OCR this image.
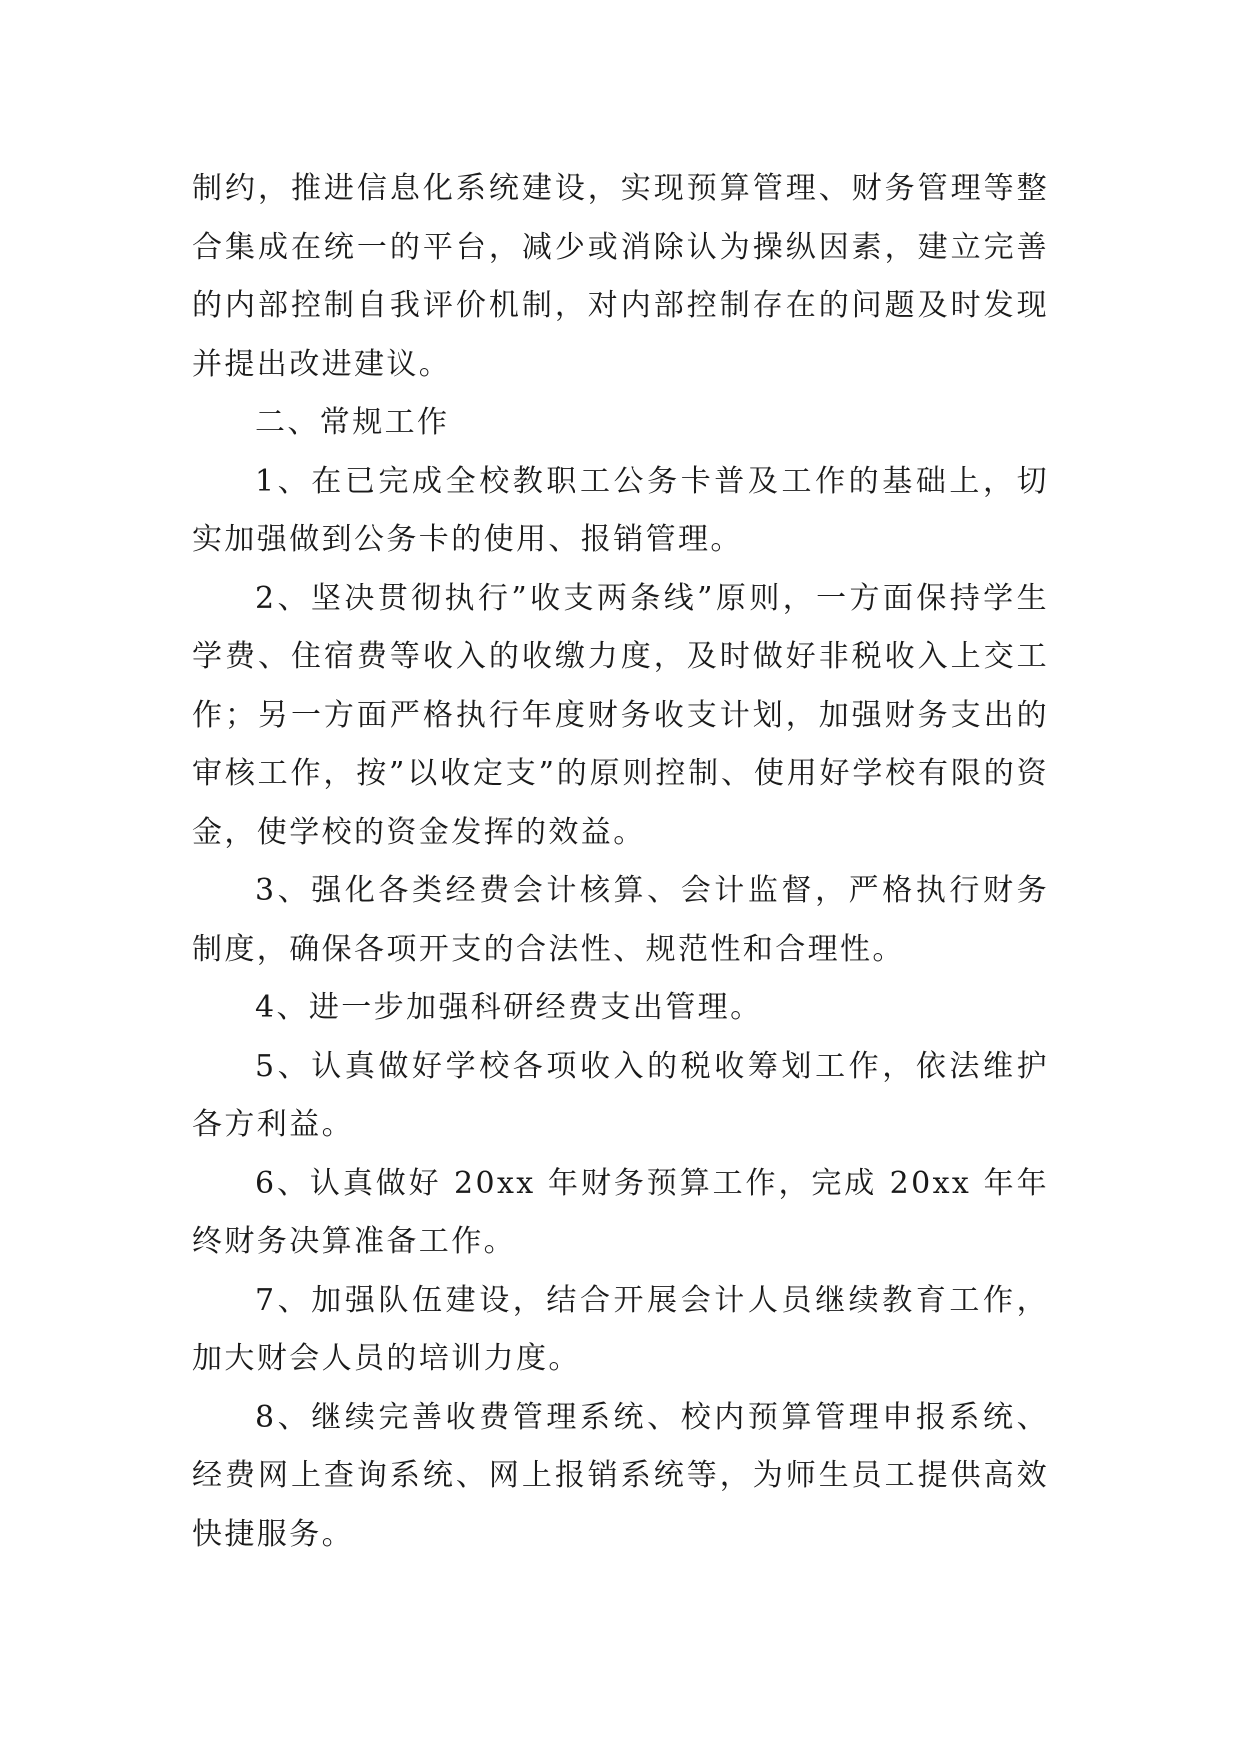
制约，推进信息化系统建设，实现预算管理、财务管理等整合集成在统一的平台，减少或消除认为操纵因素，建立完善的内部控制自我评价机制，对内部控制存在的问题及时发现并提出改进建议。

二、常规工作

1、在已完成全校教职工公务卡普及工作的基础上，切实加强做到公务卡的使用、报销管理。

2、坚决贯彻执行”收支两条线”原则，一方面保持学生学费、住宿费等收入的收缴力度，及时做好非税收入上交工作；另一方面严格执行年度财务收支计划，加强财务支出的审核工作，按”以收定支”的原则控制、使用好学校有限的资金，使学校的资金发挥的效益。

3、强化各类经费会计核算、会计监督，严格执行财务制度，确保各项开支的合法性、规范性和合理性。

4、进一步加强科研经费支出管理。

5、认真做好学校各项收入的税收筹划工作，依法维护各方利益。

6、认真做好 20xx 年财务预算工作，完成 20xx 年年终财务决算准备工作。

7、加强队伍建设，结合开展会计人员继续教育工作，加大财会人员的培训力度。

8、继续完善收费管理系统、校内预算管理申报系统、经费网上查询系统、网上报销系统等，为师生员工提供高效快捷服务。
